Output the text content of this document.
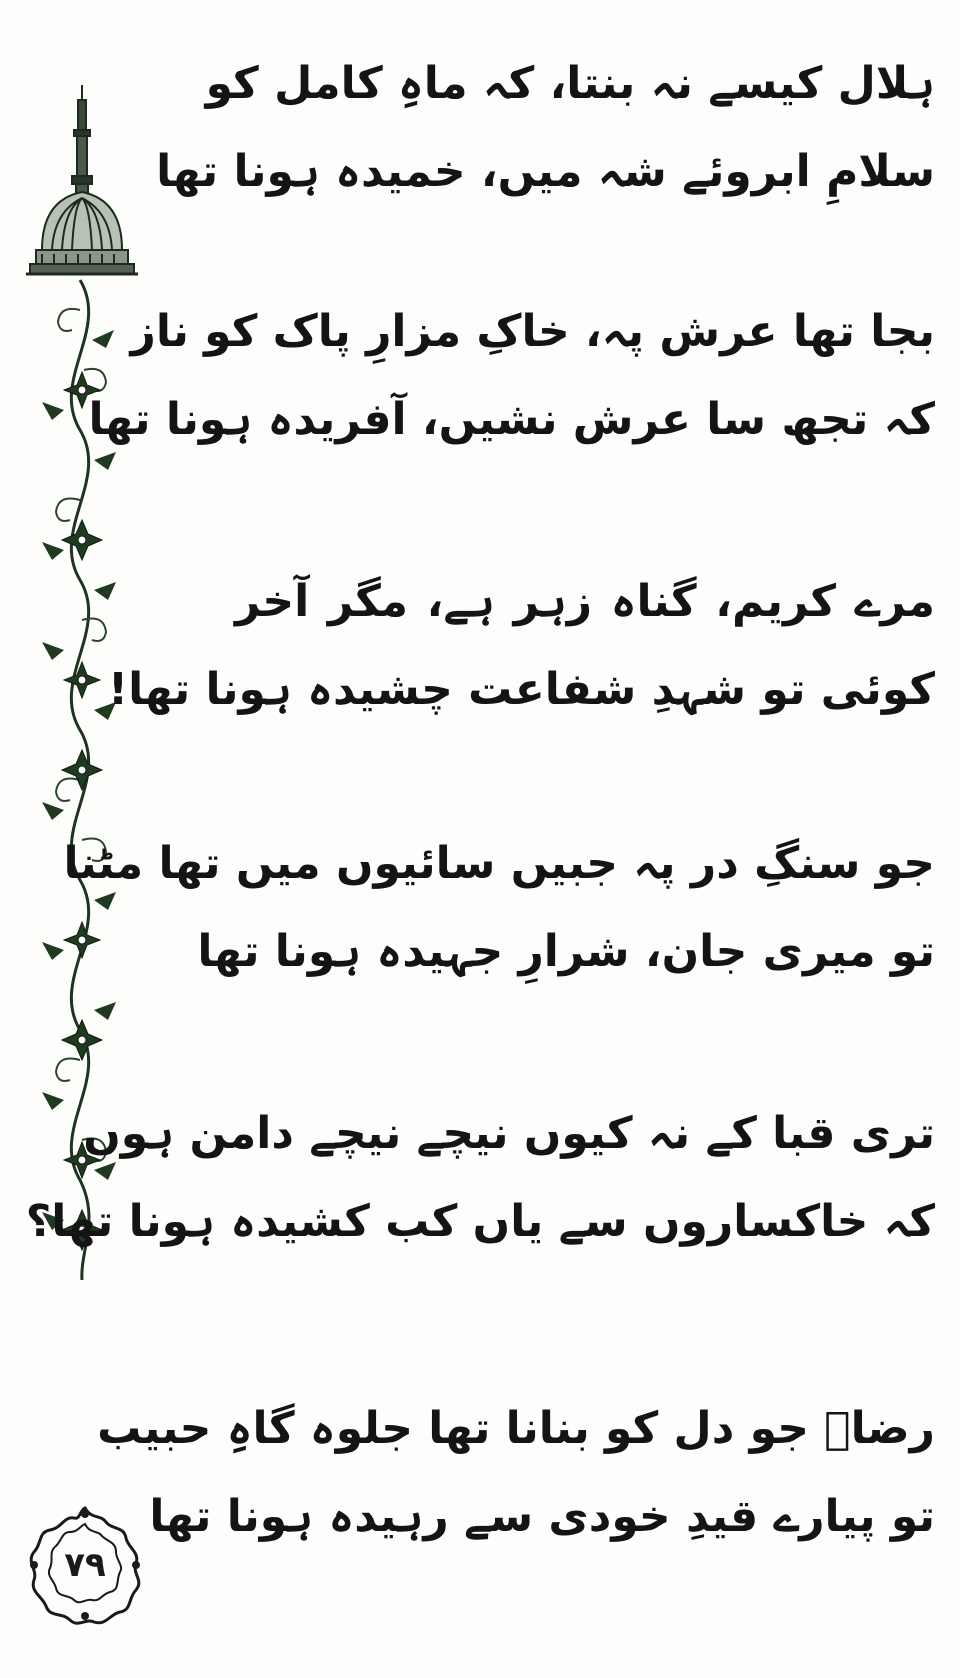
۷۹
ہلال کیسے نہ بنتا، کہ ماہِ کامل کو
سلامِ ابروئے شہ میں، خمیدہ ہونا تھا
بجا تھا عرش پہ، خاکِ مزارِ پاک کو ناز
کہ تجھ سا عرش نشیں، آفریدہ ہونا تھا
مرے کریم، گناہ زہر ہے، مگر آخر
کوئی تو شہدِ شفاعت چشیدہ ہونا تھا!
جو سنگِ در پہ جبیں سائیوں میں تھا مٹنا
تو میری جان، شرارِ جہیدہ ہونا تھا
تری قبا کے نہ کیوں نیچے نیچے دامن ہوں
کہ خاکساروں سے یاں کب کشیدہ ہونا تھا؟
رضاؔ جو دل کو بنانا تھا جلوہ گاہِ حبیب
تو پیارے قیدِ خودی سے رہیدہ ہونا تھا
